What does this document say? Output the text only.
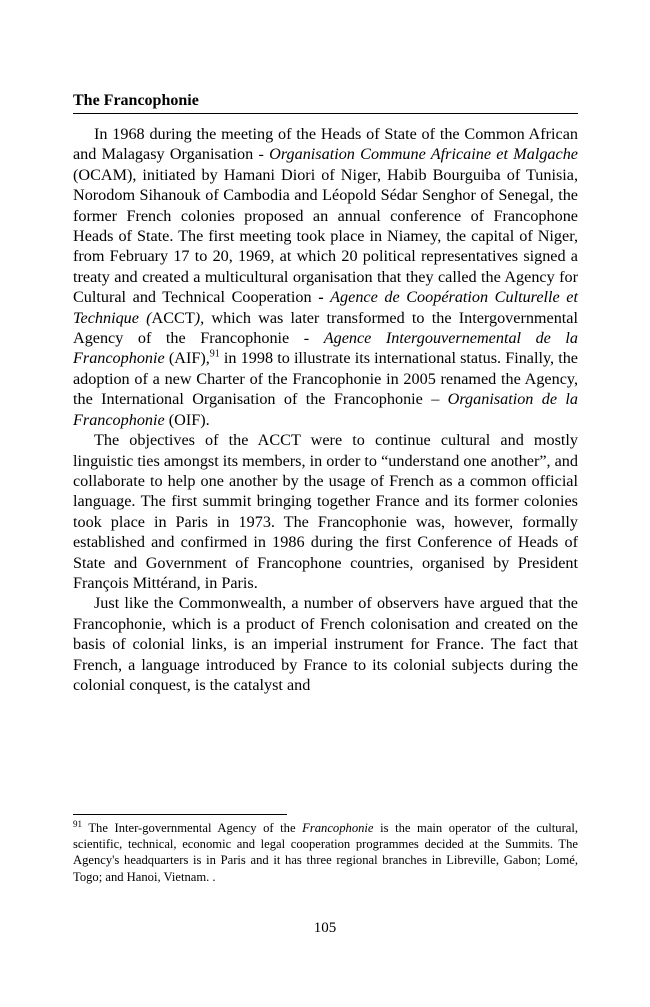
The Francophonie

In 1968 during the meeting of the Heads of State of the Common African and Malagasy Organisation - Organisation Commune Africaine et Malgache (OCAM), initiated by Hamani Diori of Niger, Habib Bourguiba of Tunisia, Norodom Sihanouk of Cambodia and Léopold Sédar Senghor of Senegal, the former French colonies proposed an annual conference of Francophone Heads of State. The first meeting took place in Niamey, the capital of Niger, from February 17 to 20, 1969, at which 20 political representatives signed a treaty and created a multicultural organisation that they called the Agency for Cultural and Technical Cooperation - Agence de Coopération Culturelle et Technique (ACCT), which was later transformed to the Intergovernmental Agency of the Francophonie - Agence Intergouvernemental de la Francophonie (AIF),$^{91}$ in 1998 to illustrate its international status. Finally, the adoption of a new Charter of the Francophonie in 2005 renamed the Agency, the International Organisation of the Francophonie – Organisation de la Francophonie (OIF).

The objectives of the ACCT were to continue cultural and mostly linguistic ties amongst its members, in order to “understand one another”, and collaborate to help one another by the usage of French as a common official language. The first summit bringing together France and its former colonies took place in Paris in 1973. The Francophonie was, however, formally established and confirmed in 1986 during the first Conference of Heads of State and Government of Francophone countries, organised by President François Mittérand, in Paris.

Just like the Commonwealth, a number of observers have argued that the Francophonie, which is a product of French colonisation and created on the basis of colonial links, is an imperial instrument for France. The fact that French, a language introduced by France to its colonial subjects during the colonial conquest, is the catalyst and

$^{91}$ The Inter-governmental Agency of the Francophonie is the main operator of the cultural, scientific, technical, economic and legal cooperation programmes decided at the Summits. The Agency's headquarters is in Paris and it has three regional branches in Libreville, Gabon; Lomé, Togo; and Hanoi, Vietnam. .

105
